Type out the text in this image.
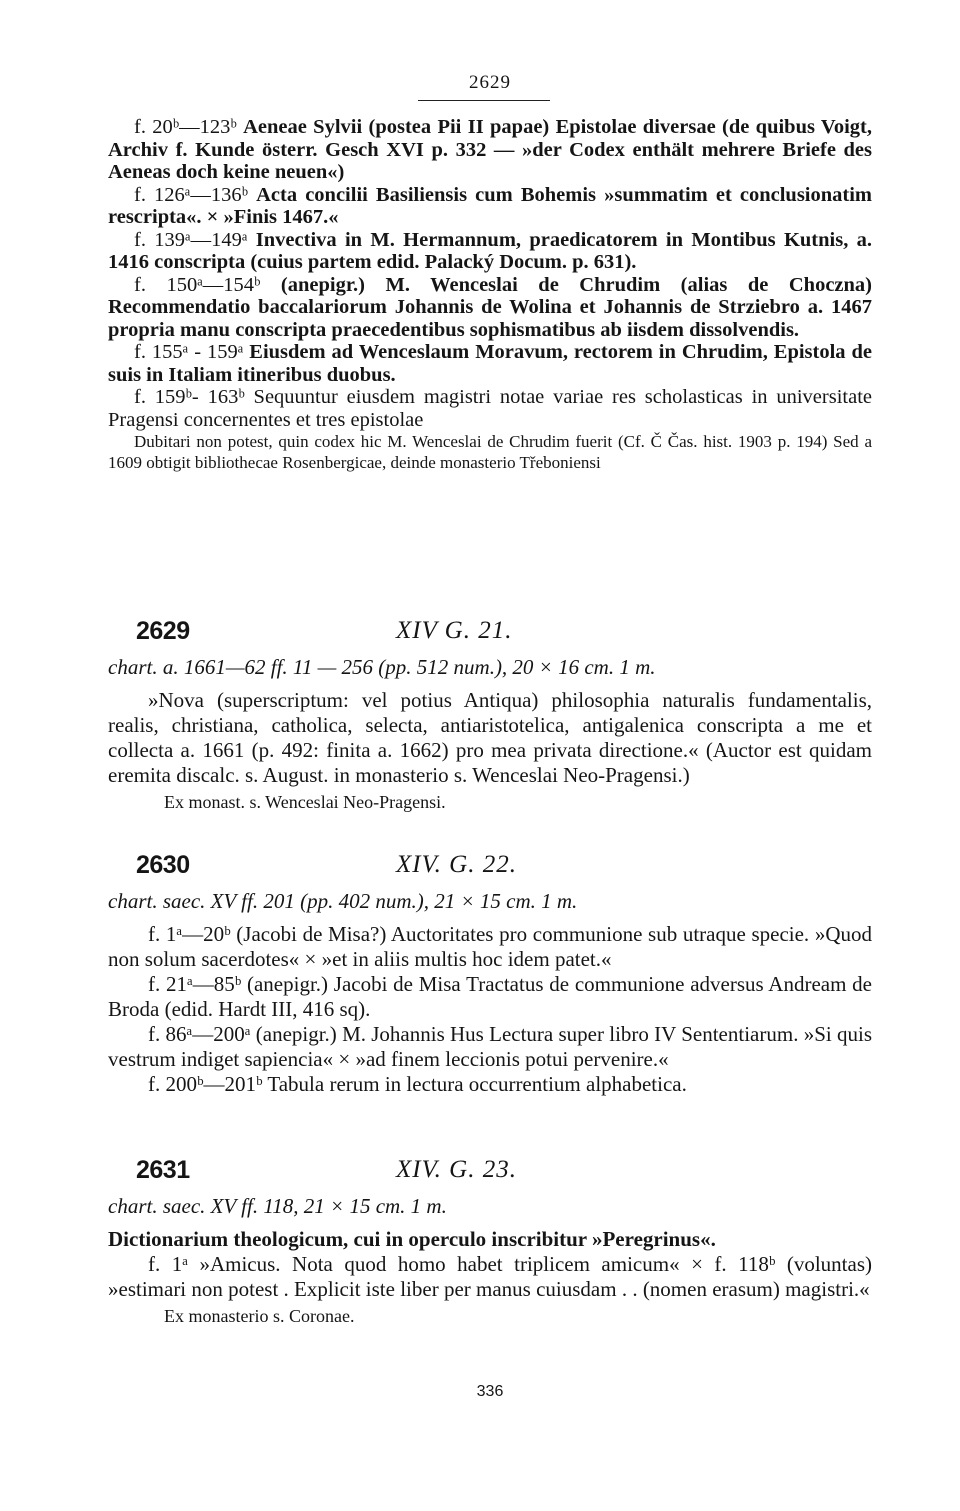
2629

f. 20ᵇ—123ᵇ Aeneae Sylvii (postea Pii II papae) Epistolae diversae (de quibus Voigt, Archiv f. Kunde österr. Gesch XVI p. 332 — »der Codex enthält mehrere Briefe des Aeneas doch keine neuen«)

f. 126ᵃ—136ᵇ Acta concilii Basiliensis cum Bohemis »summatim et conclusionatim rescripta«. × »Finis 1467.«

f. 139ᵃ—149ᵃ Invectiva in M. Hermannum, praedicatorem in Montibus Kutnis, a. 1416 conscripta (cuius partem edid. Palacký Docum. p. 631).

f. 150ᵃ—154ᵇ (anepigr.) M. Wenceslai de Chrudim (alias de Choczna) Recommendatio baccalariorum Johannis de Wolina et Johannis de Strziebro a. 1467 propria manu conscripta praecedentibus sophismatibus ab iisdem dissolvendis.

f. 155ᵃ - 159ᵃ Eiusdem ad Wenceslaum Moravum, rectorem in Chrudim, Epistola de suis in Italiam itineribus duobus.

f. 159ᵇ- 163ᵇ Sequuntur eiusdem magistri notae variae res scholasticas in universitate Pragensi concernentes et tres epistolae

Dubitari non potest, quin codex hic M. Wenceslai de Chrudim fuerit (Cf. Č Čas. hist. 1903 p. 194) Sed a 1609 obtigit bibliothecae Rosenbergicae, deinde monasterio Třeboniensi

2629	XIV G. 21.

chart. a. 1661—62 ff. 11 — 256 (pp. 512 num.), 20 × 16 cm. 1 m.

»Nova (superscriptum: vel potius Antiqua) philosophia naturalis fundamentalis, realis, christiana, catholica, selecta, antiaristotelica, antigalenica conscripta a me et collecta a. 1661 (p. 492: finita a. 1662) pro mea privata directione.« (Auctor est quidam eremita discalc. s. August. in monasterio s. Wenceslai Neo-Pragensi.)

Ex monast. s. Wenceslai Neo-Pragensi.

2630	XIV. G. 22.

chart. saec. XV ff. 201 (pp. 402 num.), 21 × 15 cm. 1 m.

f. 1ᵃ—20ᵇ (Jacobi de Misa?) Auctoritates pro communione sub utraque specie. »Quod non solum sacerdotes« × »et in aliis multis hoc idem patet.«

f. 21ᵃ—85ᵇ (anepigr.) Jacobi de Misa Tractatus de communione adversus Andream de Broda (edid. Hardt III, 416 sq).

f. 86ᵃ—200ᵃ (anepigr.) M. Johannis Hus Lectura super libro IV Sententiarum. »Si quis vestrum indiget sapiencia« × »ad finem leccionis potui pervenire.«

f. 200ᵇ—201ᵇ Tabula rerum in lectura occurrentium alphabetica.

2631	XIV. G. 23.

chart. saec. XV ff. 118, 21 × 15 cm. 1 m.

Dictionarium theologicum, cui in operculo inscribitur »Peregrinus«.

f. 1ᵃ »Amicus. Nota quod homo habet triplicem amicum« × f. 118ᵇ (voluntas) »estimari non potest . Explicit iste liber per manus cuiusdam . . (nomen erasum) magistri.«

Ex monasterio s. Coronae.

336
